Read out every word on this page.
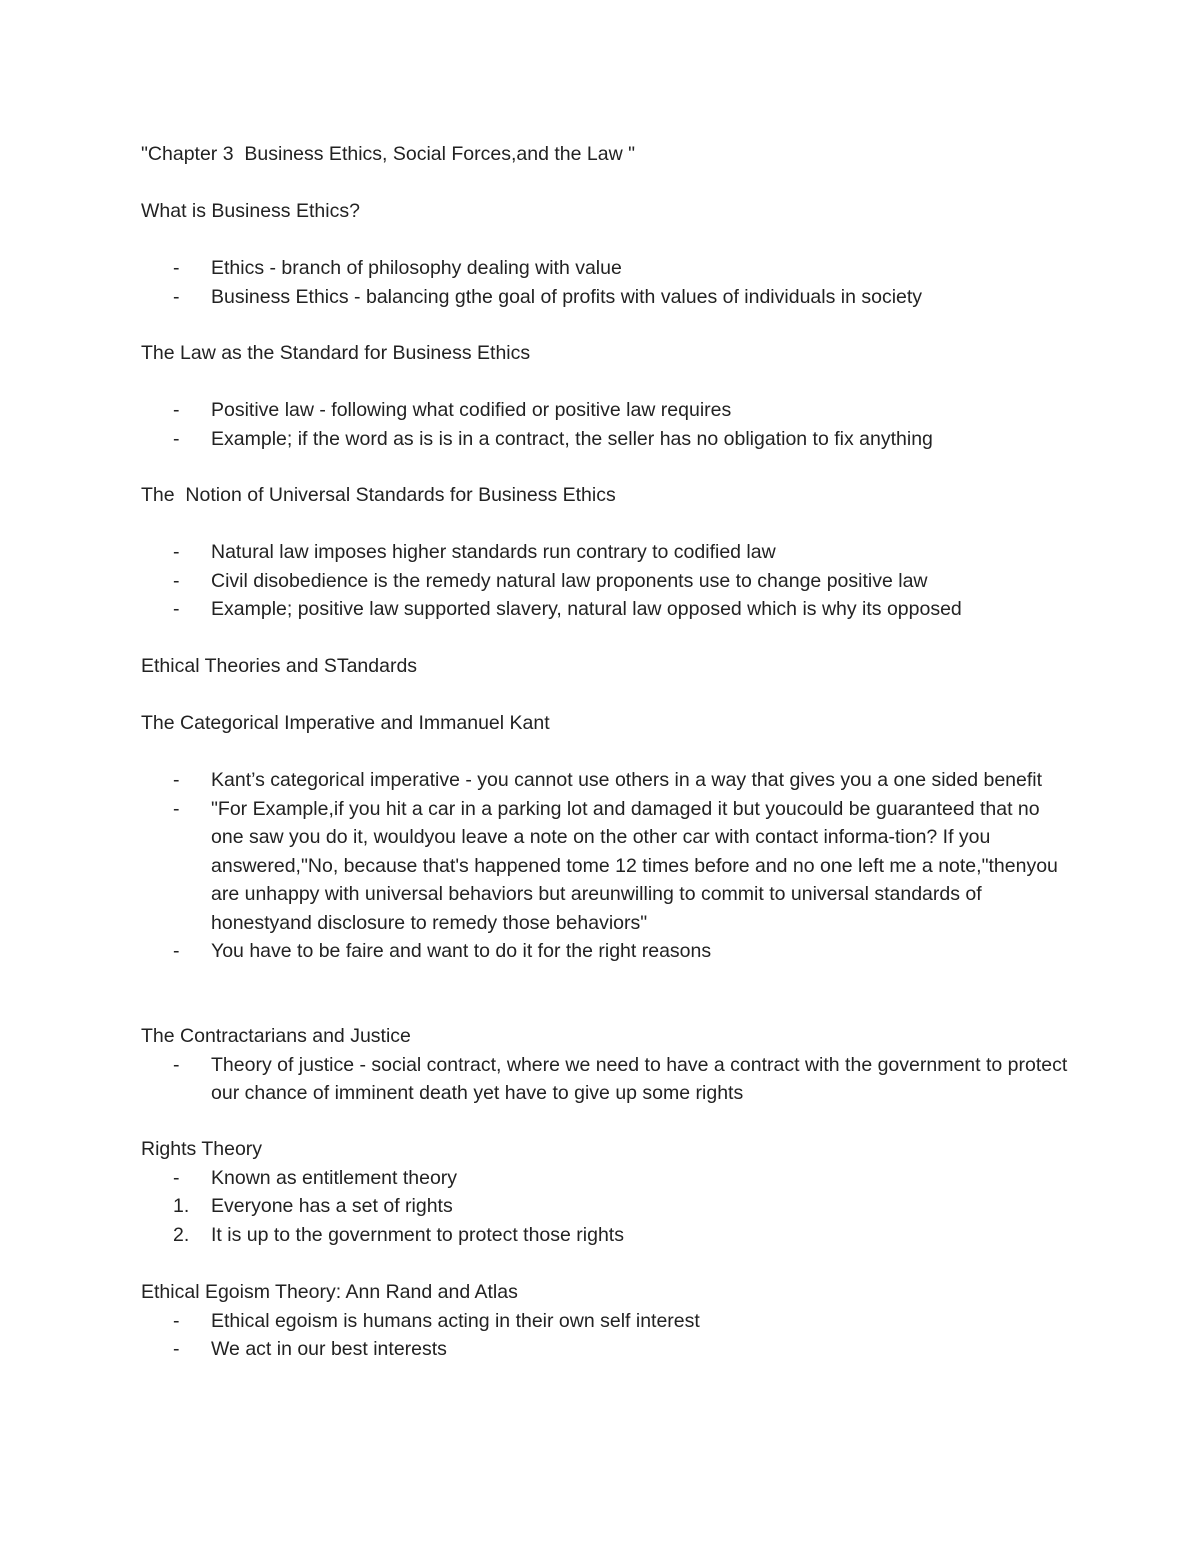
"Chapter 3  Business Ethics, Social Forces,and the Law "
What is Business Ethics?
- Ethics - branch of philosophy dealing with value
- Business Ethics - balancing gthe goal of profits with values of individuals in society
The Law as the Standard for Business Ethics
- Positive law - following what codified or positive law requires
- Example; if the word as is is in a contract, the seller has no obligation to fix anything
The  Notion of Universal Standards for Business Ethics
- Natural law imposes higher standards run contrary to codified law
- Civil disobedience is the remedy natural law proponents use to change positive law
- Example; positive law supported slavery, natural law opposed which is why its opposed
Ethical Theories and STandards
The Categorical Imperative and Immanuel Kant
- Kant’s categorical imperative - you cannot use others in a way that gives you a one sided benefit
- "For Example,if you hit a car in a parking lot and damaged it but youcould be guaranteed that no one saw you do it, wouldyou leave a note on the other car with contact informa-tion? If you answered,"No, because that's happened tome 12 times before and no one left me a note,"thenyou are unhappy with universal behaviors but areunwilling to commit to universal standards of honestyand disclosure to remedy those behaviors"
- You have to be faire and want to do it for the right reasons
The Contractarians and Justice
- Theory of justice - social contract, where we need to have a contract with the government to protect our chance of imminent death yet have to give up some rights
Rights Theory
- Known as entitlement theory
1. Everyone has a set of rights
2. It is up to the government to protect those rights
Ethical Egoism Theory: Ann Rand and Atlas
- Ethical egoism is humans acting in their own self interest
- We act in our best interests
